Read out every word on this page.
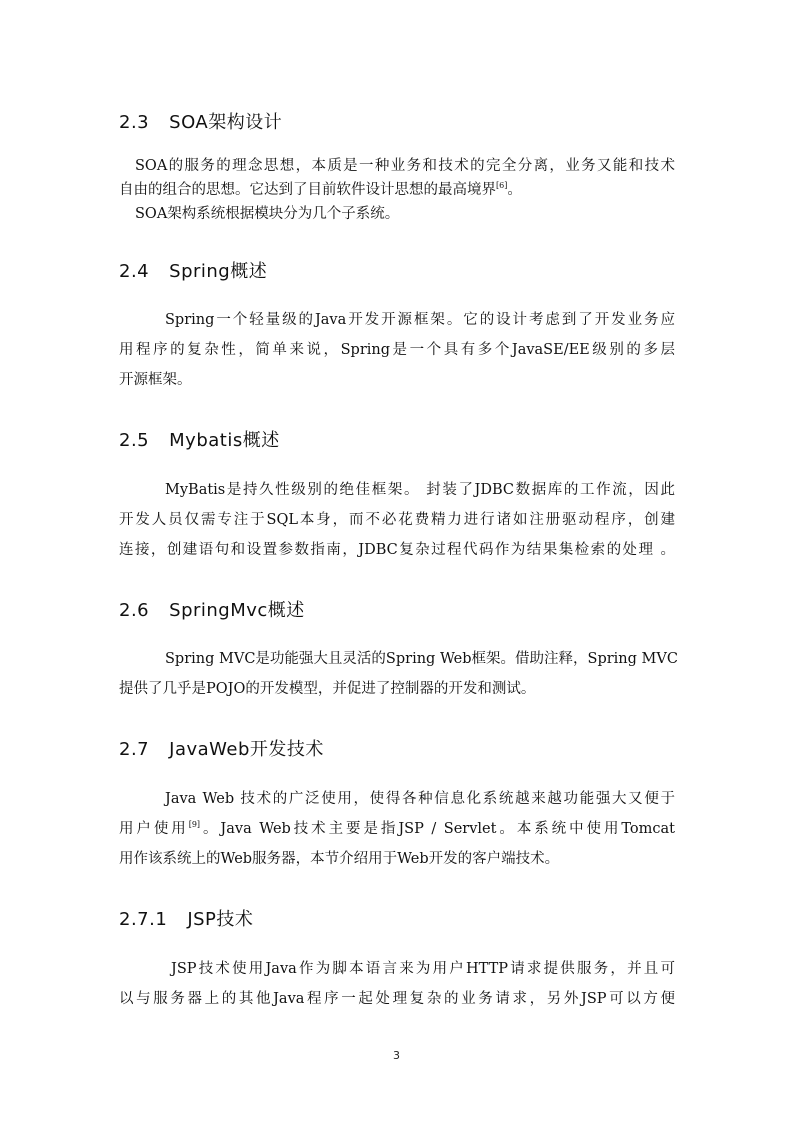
2.3 SOA架构设计

SOA的服务的理念思想，本质是一种业务和技术的完全分离，业务又能和技术

自由的组合的思想。它达到了目前软件设计思想的最高境界[6]。

SOA架构系统根据模块分为几个子系统。

2.4 Spring概述

Spring一个轻量级的Java开发开源框架。它的设计考虑到了开发业务应

用程序的复杂性，简单来说，Spring是一个具有多个JavaSE/EE级别的多层

开源框架。

2.5 Mybatis概述

MyBatis是持久性级别的绝佳框架。 封装了JDBC数据库的工作流，因此

开发人员仅需专注于SQL本身，而不必花费精力进行诸如注册驱动程序，创建

连接，创建语句和设置参数指南，JDBC复杂过程代码作为结果集检索的处理 。

2.6 SpringMvc概述

Spring MVC是功能强大且灵活的Spring Web框架。借助注释，Spring MVC

提供了几乎是POJO的开发模型，并促进了控制器的开发和测试。

2.7 JavaWeb开发技术

Java Web 技术的广泛使用，使得各种信息化系统越来越功能强大又便于

用户使用[9]。Java Web技术主要是指JSP / Servlet。本系统中使用Tomcat

用作该系统上的Web服务器，本节介绍用于Web开发的客户端技术。

2.7.1 JSP技术

JSP技术使用Java作为脚本语言来为用户HTTP请求提供服务，并且可

以与服务器上的其他Java程序一起处理复杂的业务请求，另外JSP可以方便

3
